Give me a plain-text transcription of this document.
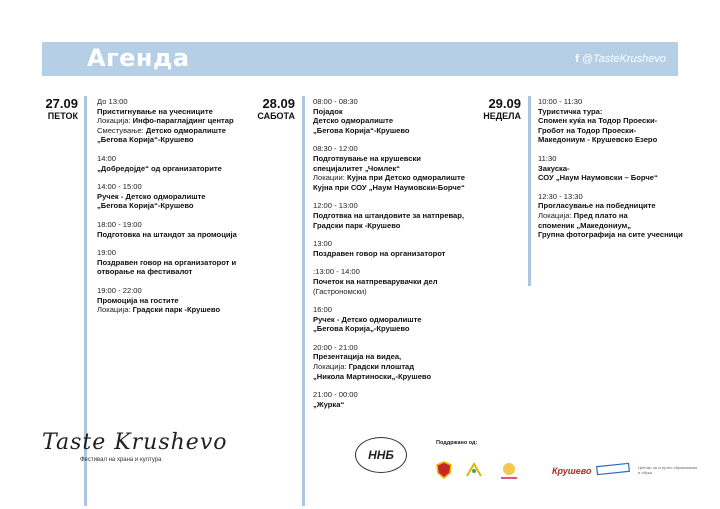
Агенда	f @TasteKrushevo
27.09
ПЕТОК
28.09
САБОТА
29.09
НЕДЕЛА
До 13:00
Пристигнување на учесниците
Локација: Инфо-параглајдинг центар
Сместување: Детско одморалиште
„Беговa Корија“-Крушево
14:00
„Добредојде“ од организаторите
14:00 - 15:00
Ручек - Детско одморалиште
„Беговa Корија“-Крушево
18:00 - 19:00
Подготовка на штандот за промоција
19:00
Поздравен говор на организаторот и
отворање на фестивалот
19:00 - 22:00
Промоција на гостите
Локација: Градски парк -Крушево
08:00 - 08:30
Појадок
Детско одморалиште
„Беговa Корија“-Крушево
08:30 - 12:00
Подготвување на крушевски
специјалитет „Чомлек“
Локации: Кујна при Детско одморалиште
Кујна при СОУ „Наум Наумовски-Борче“
12:00 - 13:00
Подготвка на штандовите за натпревар,
Градски парк -Крушево
13:00
Поздравен говор на организаторот
:13:00 - 14:00
Почеток на натпреварувачки дел
(Гастрономски)
16:00
Ручек - Детско одморалиште
„Беговa Корија„-Крушево
20:00 - 21:00
Презентација на видеа,
Локација: Градски плоштад
„Никола Мартиноски„-Крушево
21:00 - 00:00
„Журка“
10:00 - 11:30
Туристичка тура:
Спомен куќа на Тодор Проески-
Гробот на Тодор Проески-
Македониум - Крушевско Езеро
11:30
Закуска-
СОУ „Наум Наумовски – Борче“
12:30 - 13:30
Прогласување на победниците
Локација: Пред плато на
споменик „Македониум„
Групна фотографија на сите учесници
Taste Krushevo
Фестивал на храна и култура	ННБ
Поддржано од:
Крушево	Центар за стручно образование и обука
